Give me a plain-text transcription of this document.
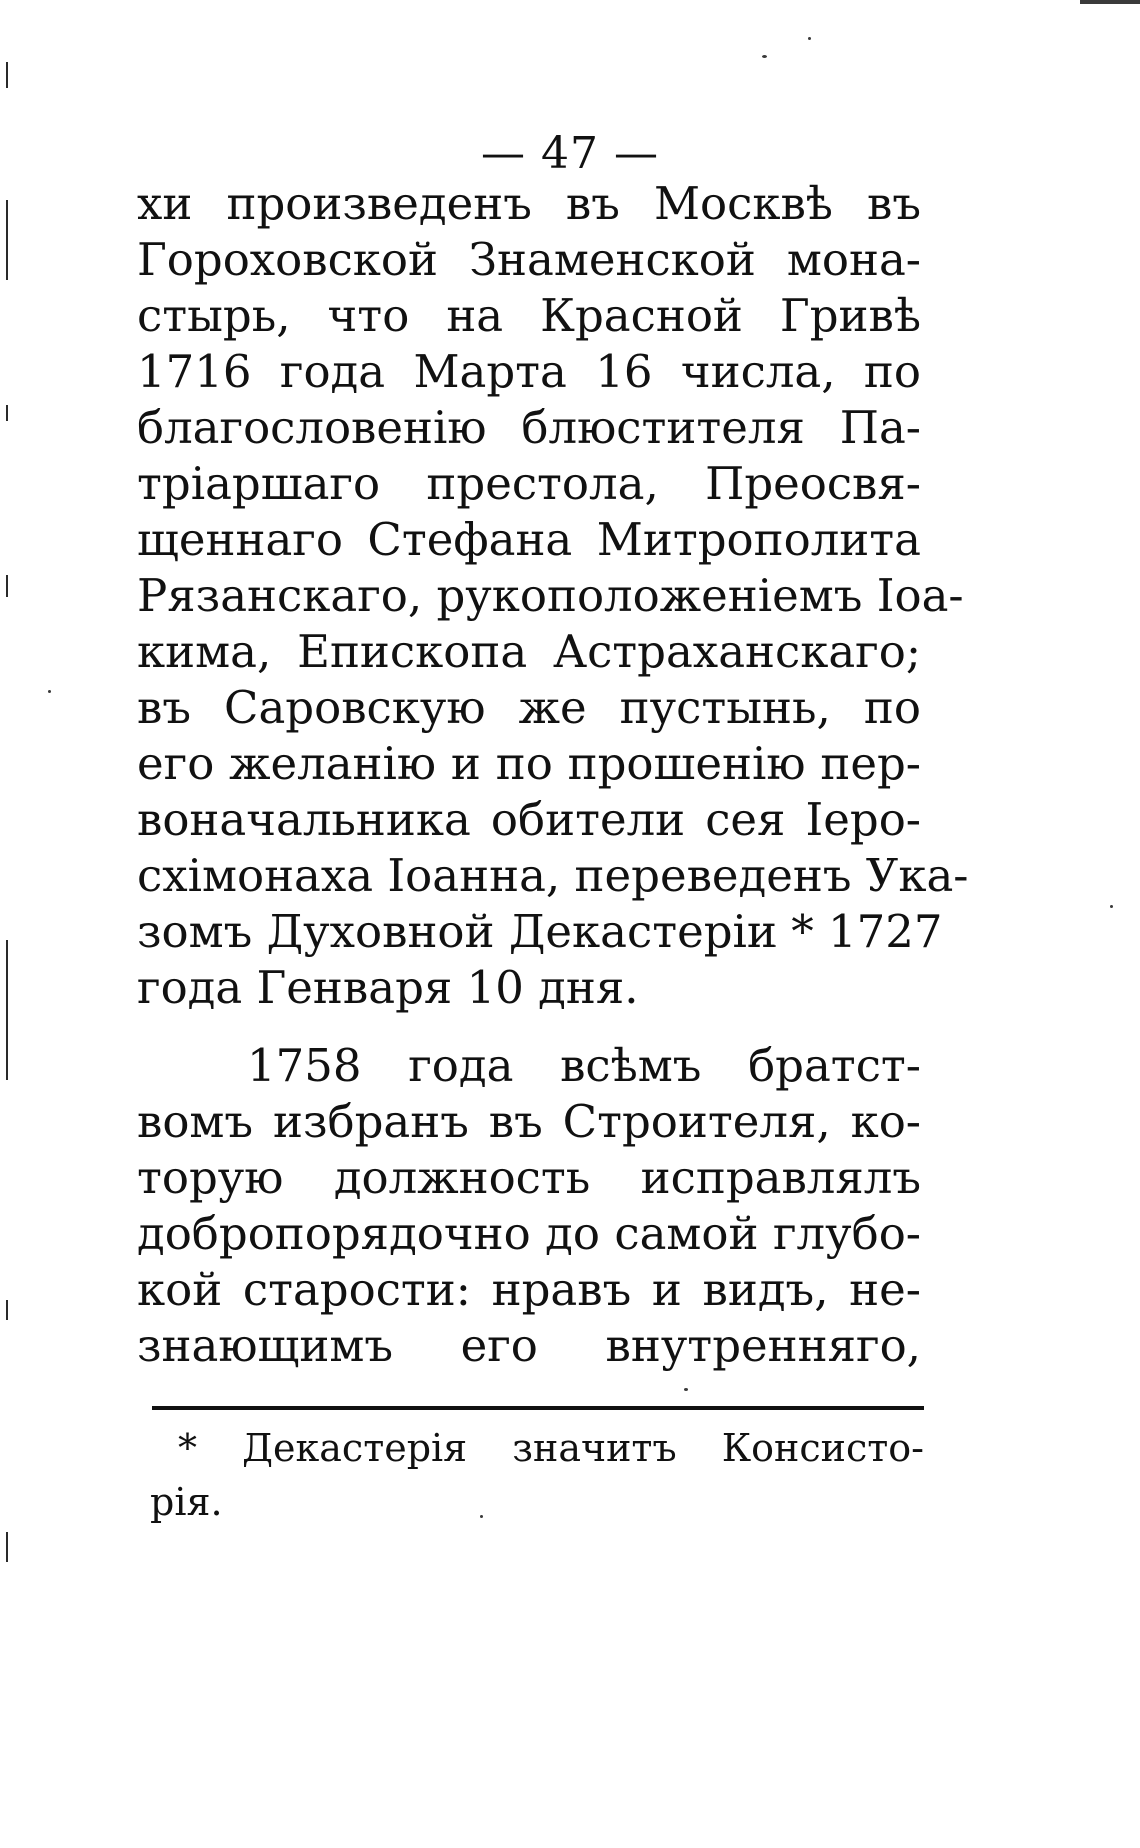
— 47 —
хи произведенъ въ Москвѣ въ
Гороховской Знаменской мона-
стырь, что на Красной Гривѣ
1716 года Марта 16 числа, по
благословенію блюстителя Па-
тріаршаго престола, Преосвя-
щеннаго Стефана Митрополита
Рязанскаго, рукоположеніемъ Іоа-
кима, Епископа Астраханскаго;
въ Саровскую же пустынь, по
его желанію и по прошенію пер-
воначальника обители сея Іеро-
схімонаха Іоанна, переведенъ Ука-
зомъ Духовной Декастеріи * 1727
года Генваря 10 дня.
1758 года всѣмъ братст-
вомъ избранъ въ Строителя, ко-
торую должность исправлялъ
добропорядочно до самой глубо-
кой старости: нравъ и видъ, не-
знающимъ его внутренняго,
* Декастерія значитъ Консисто-
рія.
